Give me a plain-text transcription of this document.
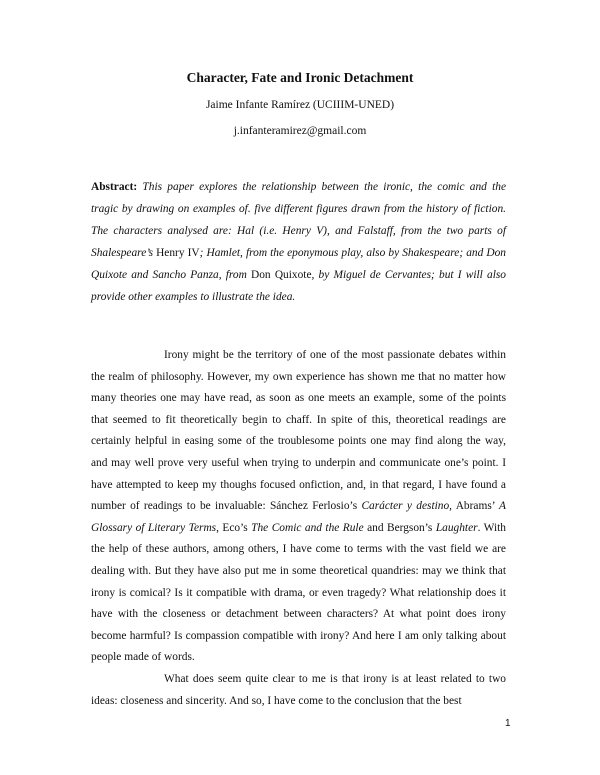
Character, Fate and Ironic Detachment
Jaime Infante Ramírez (UCIIIM-UNED)
j.infanteramirez@gmail.com

Abstract: This paper explores the relationship between the ironic, the comic and the tragic by drawing on examples of. five different figures drawn from the history of fiction. The characters analysed are: Hal (i.e. Henry V), and Falstaff, from the two parts of Shalespeare’s Henry IV; Hamlet, from the eponymous play, also by Shakespeare; and Don Quixote and Sancho Panza, from Don Quixote, by Miguel de Cervantes; but I will also provide other examples to illustrate the idea.

Irony might be the territory of one of the most passionate debates within the realm of philosophy. However, my own experience has shown me that no matter how many theories one may have read, as soon as one meets an example, some of the points that seemed to fit theoretically begin to chaff. In spite of this, theoretical readings are certainly helpful in easing some of the troublesome points one may find along the way, and may well prove very useful when trying to underpin and communicate one’s point. I have attempted to keep my thoughs focused onfiction, and, in that regard, I have found a number of readings to be invaluable: Sánchez Ferlosio’s Carácter y destino, Abrams’ A Glossary of Literary Terms, Eco’s The Comic and the Rule and Bergson’s Laughter. With the help of these authors, among others, I have come to terms with the vast field we are dealing with. But they have also put me in some theoretical quandries: may we think that irony is comical? Is it compatible with drama, or even tragedy? What relationship does it have with the closeness or detachment between characters? At what point does irony become harmful? Is compassion compatible with irony? And here I am only talking about people made of words.

What does seem quite clear to me is that irony is at least related to two ideas: closeness and sincerity. And so, I have come to the conclusion that the best

1
